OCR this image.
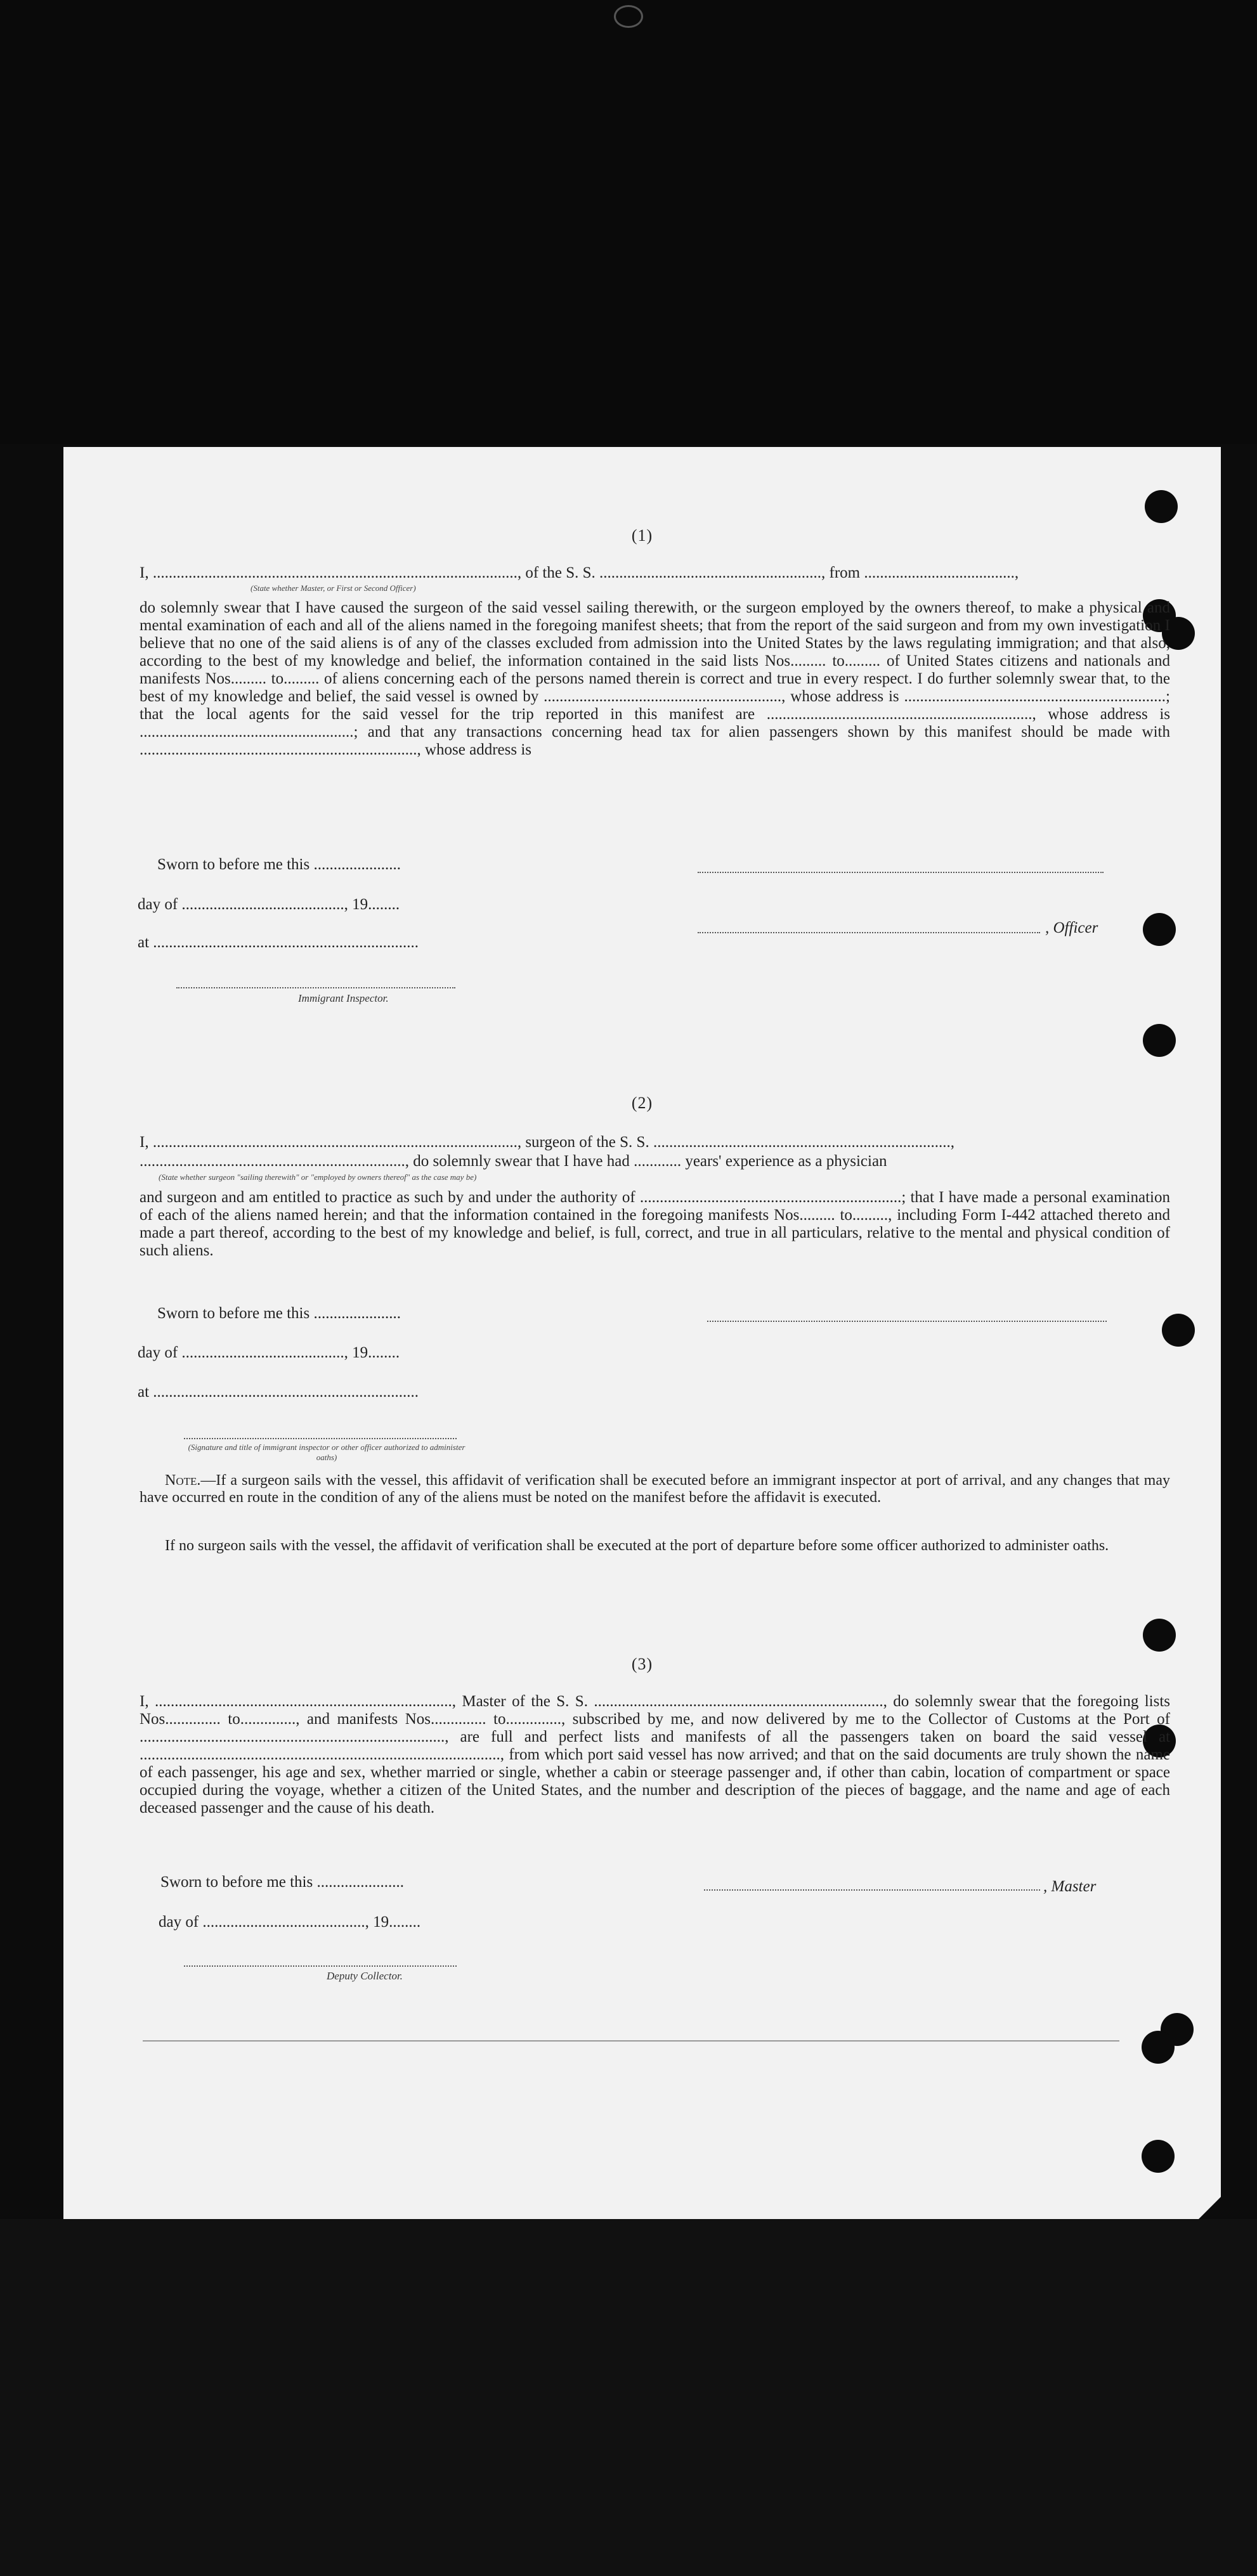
(1)
I, ............................................................................................, of the S. S. ........................................................, from ......................................,
(State whether Master, or First or Second Officer)
do solemnly swear that I have caused the surgeon of the said vessel sailing therewith, or the surgeon employed by the owners thereof, to make a physical and mental examination of each and all of the aliens named in the foregoing manifest sheets; that from the report of the said surgeon and from my own investigation I believe that no one of the said aliens is of any of the classes excluded from admission into the United States by the laws regulating immigration; and that also, according to the best of my knowledge and belief, the information contained in the said lists Nos......... to......... of United States citizens and nationals and manifests Nos......... to......... of aliens concerning each of the persons named therein is correct and true in every respect. I do further solemnly swear that, to the best of my knowledge and belief, the said vessel is owned by ............................................................, whose address is ..................................................................; that the local agents for the said vessel for the trip reported in this manifest are ..................................................................., whose address is ......................................................; and that any transactions concerning head tax for alien passengers shown by this manifest should be made with ......................................................................, whose address is
Sworn to before me this ......................
day of ........................................., 19........
at ...................................................................
Immigrant Inspector.
, Officer
(2)
I, ............................................................................................, surgeon of the S. S. ...........................................................................,
..................................................................., do solemnly swear that I have had ............ years' experience as a physician
(State whether surgeon "sailing therewith" or "employed by owners thereof" as the case may be)
and surgeon and am entitled to practice as such by and under the authority of ..................................................................; that I have made a personal examination of each of the aliens named herein; and that the information contained in the foregoing manifests Nos......... to........., including Form I-442 attached thereto and made a part thereof, according to the best of my knowledge and belief, is full, correct, and true in all particulars, relative to the mental and physical condition of such aliens.
Sworn to before me this ......................
day of ........................................., 19........
at ...................................................................
(Signature and title of immigrant inspector or other officer authorized to administer oaths)
Note.—If a surgeon sails with the vessel, this affidavit of verification shall be executed before an immigrant inspector at port of arrival, and any changes that may have occurred en route in the condition of any of the aliens must be noted on the manifest before the affidavit is executed.
If no surgeon sails with the vessel, the affidavit of verification shall be executed at the port of departure before some officer authorized to administer oaths.
(3)
I, ..........................................................................., Master of the S. S. ........................................................................., do solemnly swear that the foregoing lists Nos.............. to.............., and manifests Nos.............. to.............., subscribed by me, and now delivered by me to the Collector of Customs at the Port of ............................................................................., are full and perfect lists and manifests of all the passengers taken on board the said vessel at ..........................................................................................., from which port said vessel has now arrived; and that on the said documents are truly shown the name of each passenger, his age and sex, whether married or single, whether a cabin or steerage passenger and, if other than cabin, location of compartment or space occupied during the voyage, whether a citizen of the United States, and the number and description of the pieces of baggage, and the name and age of each deceased passenger and the cause of his death.
Sworn to before me this ......................
day of ........................................., 19........
, Master
Deputy Collector.
